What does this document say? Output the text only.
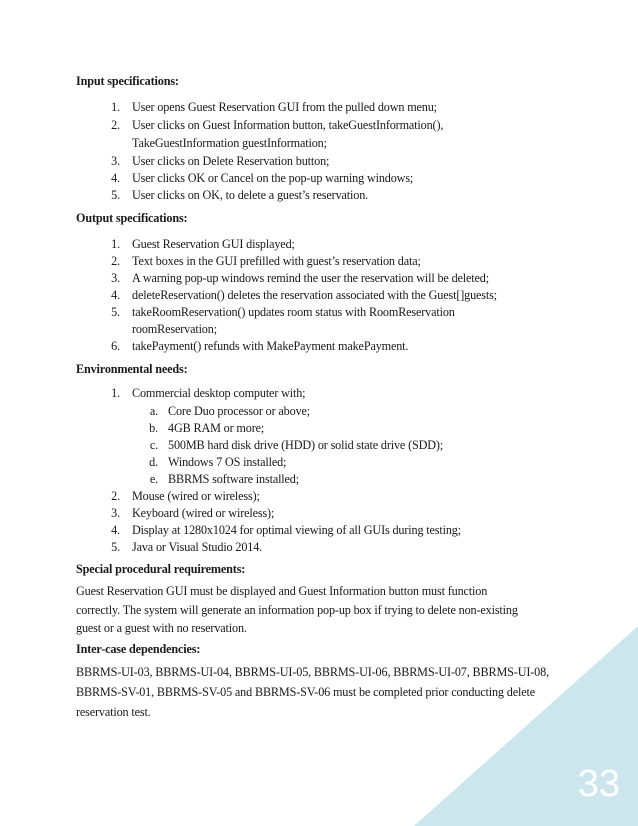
Input specifications:
1. User opens Guest Reservation GUI from the pulled down menu;
2. User clicks on Guest Information button, takeGuestInformation(),
TakeGuestInformation guestInformation;
3. User clicks on Delete Reservation button;
4. User clicks OK or Cancel on the pop-up warning windows;
5. User clicks on OK, to delete a guest’s reservation.
Output specifications:
1. Guest Reservation GUI displayed;
2. Text boxes in the GUI prefilled with guest’s reservation data;
3. A warning pop-up windows remind the user the reservation will be deleted;
4. deleteReservation() deletes the reservation associated with the Guest[]guests;
5. takeRoomReservation() updates room status with RoomReservation
roomReservation;
6. takePayment() refunds with MakePayment makePayment.
Environmental needs:
1. Commercial desktop computer with;
a. Core Duo processor or above;
b. 4GB RAM or more;
c. 500MB hard disk drive (HDD) or solid state drive (SDD);
d. Windows 7 OS installed;
e. BBRMS software installed;
2. Mouse (wired or wireless);
3. Keyboard (wired or wireless);
4. Display at 1280x1024 for optimal viewing of all GUIs during testing;
5. Java or Visual Studio 2014.
Special procedural requirements:
Guest Reservation GUI must be displayed and Guest Information button must function
correctly. The system will generate an information pop-up box if trying to delete non-existing
guest or a guest with no reservation.
Inter-case dependencies:
BBRMS-UI-03, BBRMS-UI-04, BBRMS-UI-05, BBRMS-UI-06, BBRMS-UI-07, BBRMS-UI-08,
BBRMS-SV-01, BBRMS-SV-05 and BBRMS-SV-06 must be completed prior conducting delete
reservation test.
33
